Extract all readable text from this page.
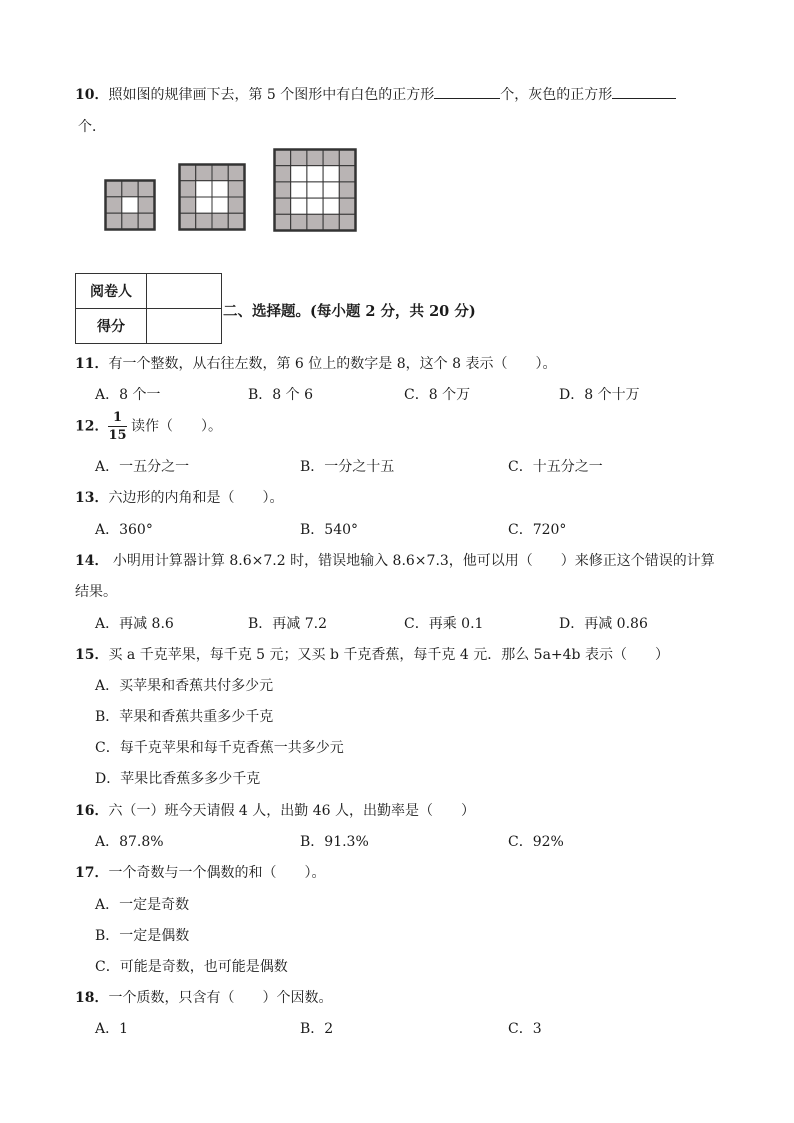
10．照如图的规律画下去，第 5 个图形中有白色的正方形	个，灰色的正方形
个．
阅卷人	
得分	
二、选择题。(每小题 2 分，共 20 分)
11．有一个整数，从右往左数，第 6 位上的数字是 8，这个 8 表示（　　）。
A．8 个一	B．8 个 6	C．8 个万	D．8 个十万
12． $\frac{1}{15}$ 读作（　　）。
A．一五分之一	B．一分之十五	C．十五分之一
13．六边形的内角和是（　　）。
A．360°	B．540°	C．720°
14． 小明用计算器计算 8.6×7.2 时，错误地输入 8.6×7.3，他可以用（　　）来修正这个错误的计算
结果。
A．再减 8.6	B．再减 7.2	C．再乘 0.1	D．再减 0.86
15．买 a 千克苹果，每千克 5 元；又买 b 千克香蕉，每千克 4 元．那么 5a+4b 表示（　　）
A．买苹果和香蕉共付多少元
B．苹果和香蕉共重多少千克
C．每千克苹果和每千克香蕉一共多少元
D．苹果比香蕉多多少千克
16．六（一）班今天请假 4 人，出勤 46 人，出勤率是（　　）
A．87.8%	B．91.3%	C．92%
17．一个奇数与一个偶数的和（　　）。
A．一定是奇数
B．一定是偶数
C．可能是奇数，也可能是偶数
18．一个质数，只含有（　　）个因数。
A．1	B．2	C．3
